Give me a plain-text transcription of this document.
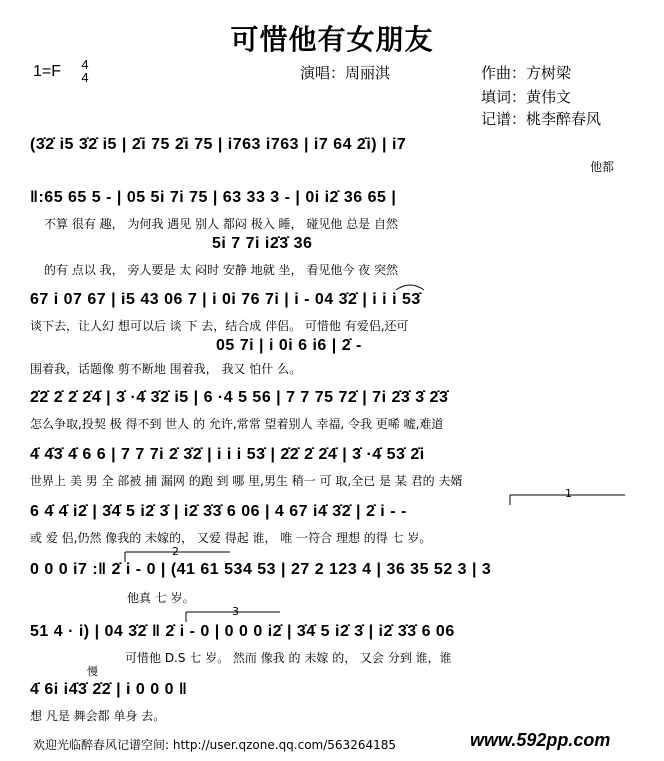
可惜他有女朋友
1=F 4
4	演唱：周丽淇	作曲：方树梁
填词：黄伟文
记谱：桃李醉春风
(3̇2̇ i5 3̇2̇ i5 | 2̇i 75 2̇i 75 | i763 i763 | i7 64 2̇i) | i7
他都
‖:65 65 5 - | 05 5i 7i 75 | 63 33 3 - | 0i i2̇ 36 65 |
不算 很有 趣， 为何我 遇见 别人 都闷 极入 睡， 碰见他 总是 自然
5i 7 7i i2̇3̇ 36
的有 点以 我， 旁人要是 太 闷时 安静 地就 坐， 看见他今 夜 突然
67 i 07 67 | i5 43 06 7 | i 0i 76 7i | i - 04 3̇2̇ | i i i 53̇
谈下去，让人幻 想可以后 谈 下 去，结合成 伴侣。 可惜他 有爱侣,还可
05 7i | i 0i 6 i6 | 2̇ -
围着我，话题像 剪不断地 围着我， 我又 怕什 么。
2̇2̇ 2̇ 2̇ 2̇4̇ | 3̇ ·4̇ 3̇2̇ i5 | 6 ·4 5 56 | 7 7 75 72̇ | 7i 2̇3̇ 3̇ 2̇3̇
怎么争取,投契 极 得不到 世人 的 允许,常常 望着别人 幸福, 令我 更唏 嘘,难道
4̇ 4̇3̇ 4̇ 6 6 | 7 7 7i 2̇ 3̇2̇ | i i i 53̇ | 2̇2̇ 2̇ 2̇4̇ | 3̇ ·4̇ 53̇ 2̇i
世界上 美 男 全 部被 捕 漏网 的跑 到 哪 里,男生 稍一 可 取,全已 是 某 君的 夫婿
6 4̇ 4̇ i2̇ | 3̇4̇ 5 i2̇ 3̇ | i2̇ 3̇3̇ 6 06 | 4 67 i4̇ 3̇2̇ | 2̇ i - -
或 爱 侣,仍然 像我的 未嫁的， 又爱 得起 谁， 唯 一符合 理想 的得 七 岁。
0 0 0 i7 :‖ 2̇ i - 0 | (41 61 534 53 | 27 2 123 4 | 36 35 52 3 | 3
他真 七 岁。
51 4 · i) | 04 3̇2̇ ‖ 2̇ i - 0 | 0 0 0 i2̇ | 3̇4̇ 5 i2̇ 3̇ | i2̇ 3̇3̇ 6 06
可惜他 D.S 七 岁。 然而 像我 的 未嫁 的， 又会 分到 谁，谁
慢
4̇ 6i i4̇3̇ 2̇2̇ | i 0 0 0 ‖
想 凡是 舞会都 单身 去。
1
2
3
欢迎光临醉春风记谱空间: http://user.qzone.qq.com/563264185	www.592pp.com
